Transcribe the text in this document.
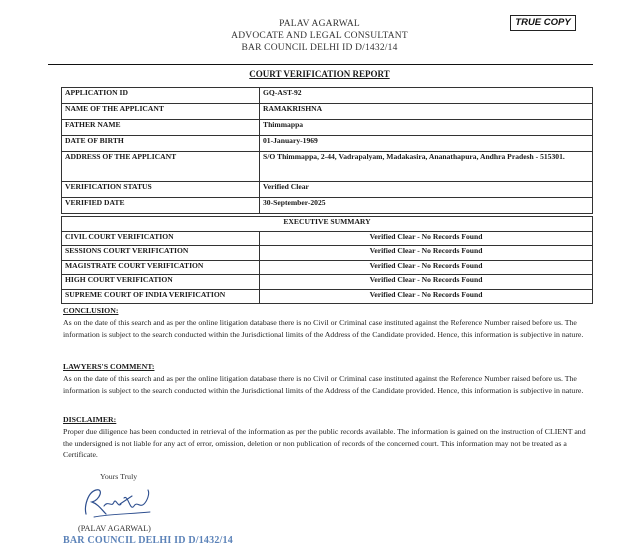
PALAV AGARWAL
ADVOCATE AND LEGAL CONSULTANT
BAR COUNCIL DELHI ID D/1432/14
TRUE COPY
COURT VERIFICATION REPORT
APPLICATION ID	GQ-AST-92
NAME OF THE APPLICANT	RAMAKRISHNA
FATHER NAME	Thimmappa
DATE OF BIRTH	01-January-1969
ADDRESS OF THE APPLICANT	S/O Thimmappa, 2-44, Vadrapalyam, Madakasira, Ananathapura, Andhra Pradesh - 515301.
VERIFICATION STATUS	Verified Clear
VERIFIED DATE	30-September-2025
EXECUTIVE SUMMARY	
CIVIL COURT VERIFICATION	Verified Clear - No Records Found
SESSIONS COURT VERIFICATION	Verified Clear - No Records Found
MAGISTRATE COURT VERIFICATION	Verified Clear - No Records Found
HIGH COURT VERIFICATION	Verified Clear - No Records Found
SUPREME COURT OF INDIA VERIFICATION	Verified Clear - No Records Found
CONCLUSION:
As on the date of this search and as per the online litigation database there is no Civil or Criminal case instituted against the Reference Number raised before us. The information is subject to the search conducted within the Jurisdictional limits of the Address of the Candidate provided. Hence, this information is subjective in nature.
LAWYERS'S COMMENT:
As on the date of this search and as per the online litigation database there is no Civil or Criminal case instituted against the Reference Number raised before us. The information is subject to the search conducted within the Jurisdictional limits of the Address of the Candidate provided. Hence, this information is subjective in nature.
DISCLAIMER:
Proper due diligence has been conducted in retrieval of the information as per the public records available. The information is gained on the instruction of CLIENT and the undersigned is not liable for any act of error, omission, deletion or non publication of records of the concerned court. This information may not be treated as a Certificate.
Yours Truly
(PALAV AGARWAL)
BAR COUNCIL DELHI ID D/1432/14
